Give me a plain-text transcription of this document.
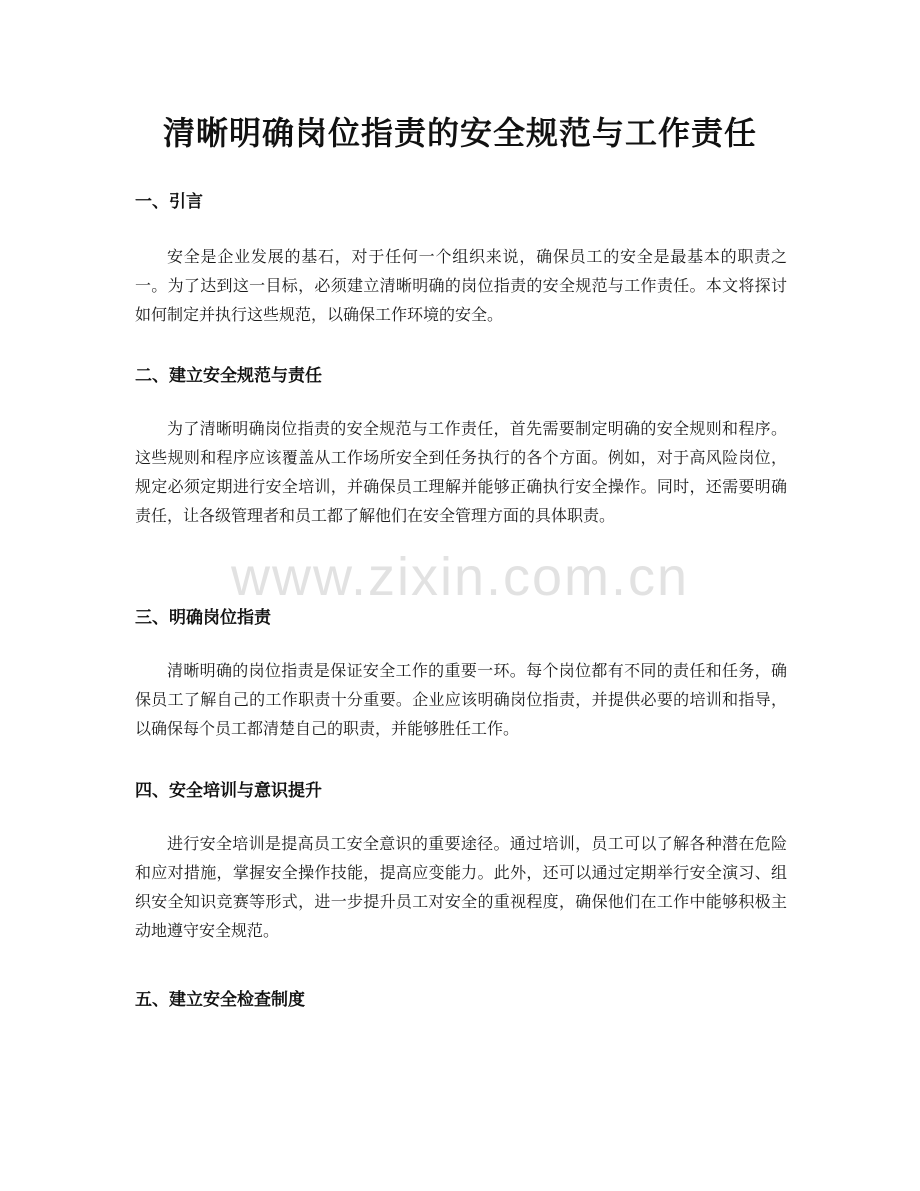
清晰明确岗位指责的安全规范与工作责任
一、引言

安全是企业发展的基石，对于任何一个组织来说，确保员工的安全是最基本的职责之一。为了达到这一目标，必须建立清晰明确的岗位指责的安全规范与工作责任。本文将探讨如何制定并执行这些规范，以确保工作环境的安全。

二、建立安全规范与责任

为了清晰明确岗位指责的安全规范与工作责任，首先需要制定明确的安全规则和程序。这些规则和程序应该覆盖从工作场所安全到任务执行的各个方面。例如，对于高风险岗位，规定必须定期进行安全培训，并确保员工理解并能够正确执行安全操作。同时，还需要明确责任，让各级管理者和员工都了解他们在安全管理方面的具体职责。

三、明确岗位指责

清晰明确的岗位指责是保证安全工作的重要一环。每个岗位都有不同的责任和任务，确保员工了解自己的工作职责十分重要。企业应该明确岗位指责，并提供必要的培训和指导，以确保每个员工都清楚自己的职责，并能够胜任工作。

四、安全培训与意识提升

进行安全培训是提高员工安全意识的重要途径。通过培训，员工可以了解各种潜在危险和应对措施，掌握安全操作技能，提高应变能力。此外，还可以通过定期举行安全演习、组织安全知识竞赛等形式，进一步提升员工对安全的重视程度，确保他们在工作中能够积极主动地遵守安全规范。

五、建立安全检查制度
www.zixin.com.cn
